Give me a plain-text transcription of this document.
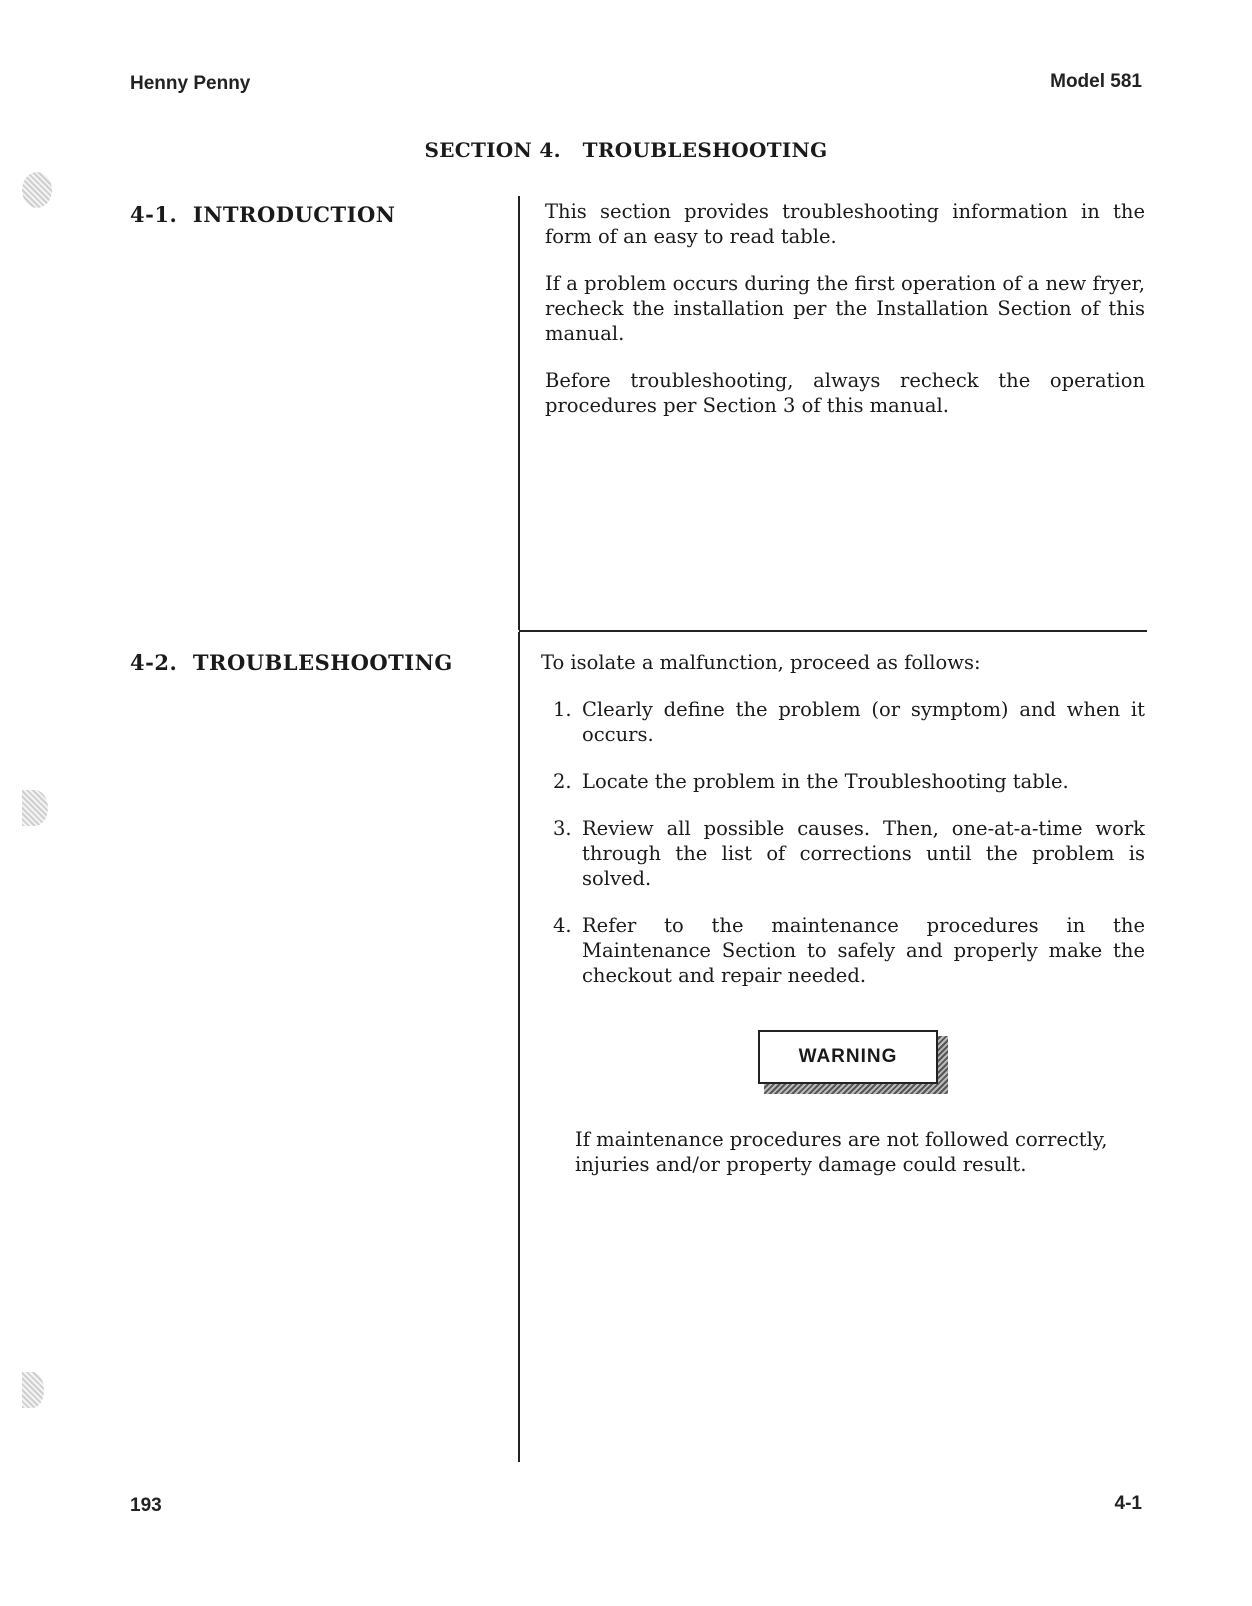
Henny Penny	Model 581
SECTION 4.   TROUBLESHOOTING
4-1.  INTRODUCTION	This section provides troubleshooting information in the form of an easy to read table.

If a problem occurs during the first operation of a new fryer, recheck the installation per the Installation Section of this manual.

Before troubleshooting, always recheck the operation procedures per Section 3 of this manual.

4-2.  TROUBLESHOOTING	To isolate a malfunction, proceed as follows:

1. Clearly define the problem (or symptom) and when it occurs.
2. Locate the problem in the Troubleshooting table.
3. Review all possible causes. Then, one-at-a-time work through the list of corrections until the problem is solved.
4. Refer to the maintenance procedures in the Maintenance Section to safely and properly make the checkout and repair needed.
WARNING

If maintenance procedures are not followed correctly, injuries and/or property damage could result.

193	4-1
